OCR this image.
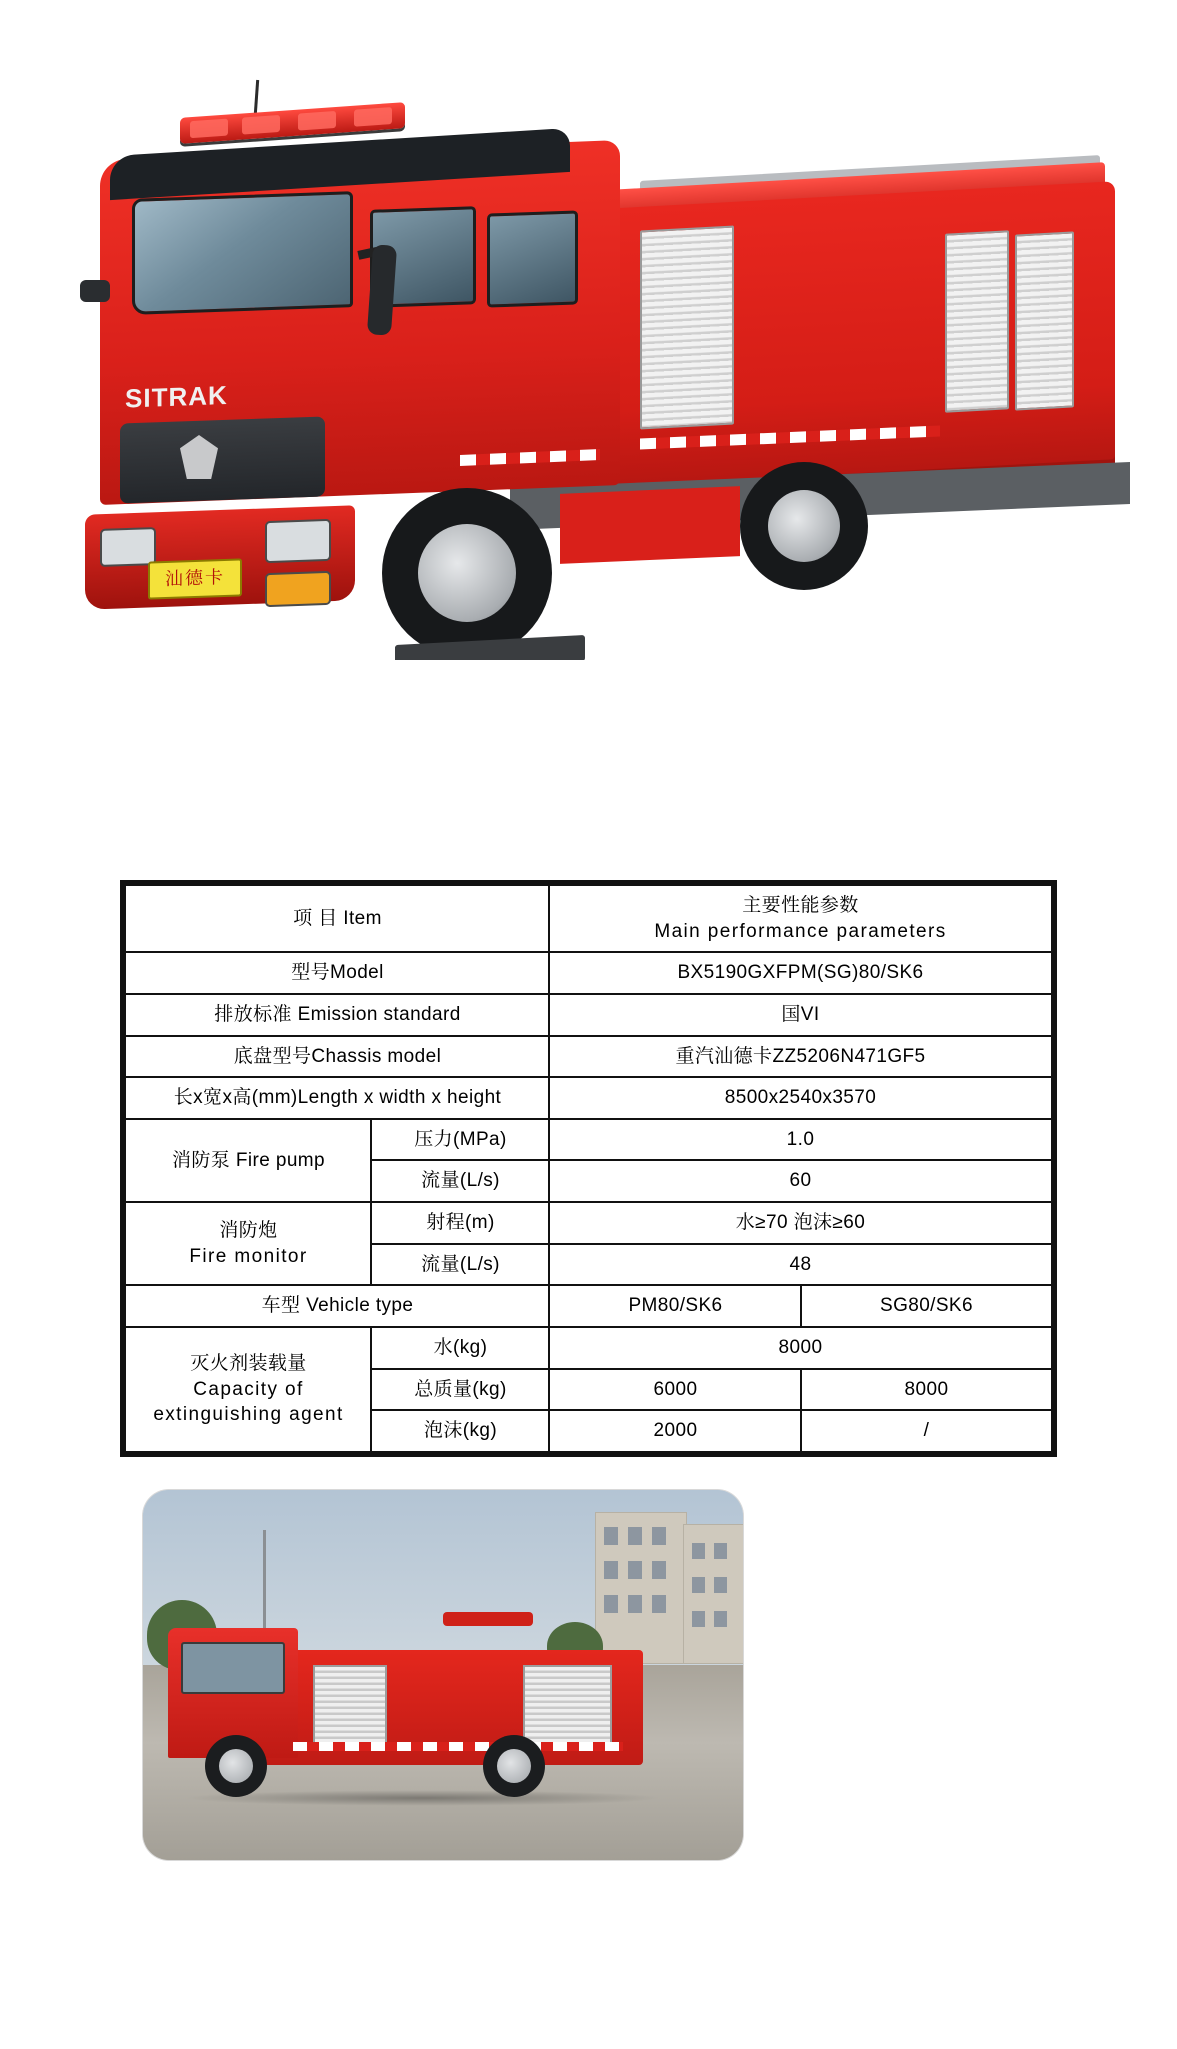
SITRAK
汕德卡
项 目 Item		主要性能参数
Main performance parameters	

型号Model		BX5190GXFPM(SG)80/SK6	
排放标准 Emission standard		国VI	
底盘型号Chassis model		重汽汕德卡ZZ5206N471GF5	
长x宽x高(mm)Length x width x height		8500x2540x3570	
消防泵 Fire pump	压力(MPa)	1.0	
	流量(L/s)	60	

消防炮
Fire monitor	射程(m)	水≥70 泡沫≥60	
	流量(L/s)	48	
车型 Vehicle type		PM80/SK6	SG80/SK6

灭火剂装载量
Capacity of
extinguishing agent	水(kg)	8000	
	总质量(kg)	6000	8000
	泡沫(kg)	2000	/
